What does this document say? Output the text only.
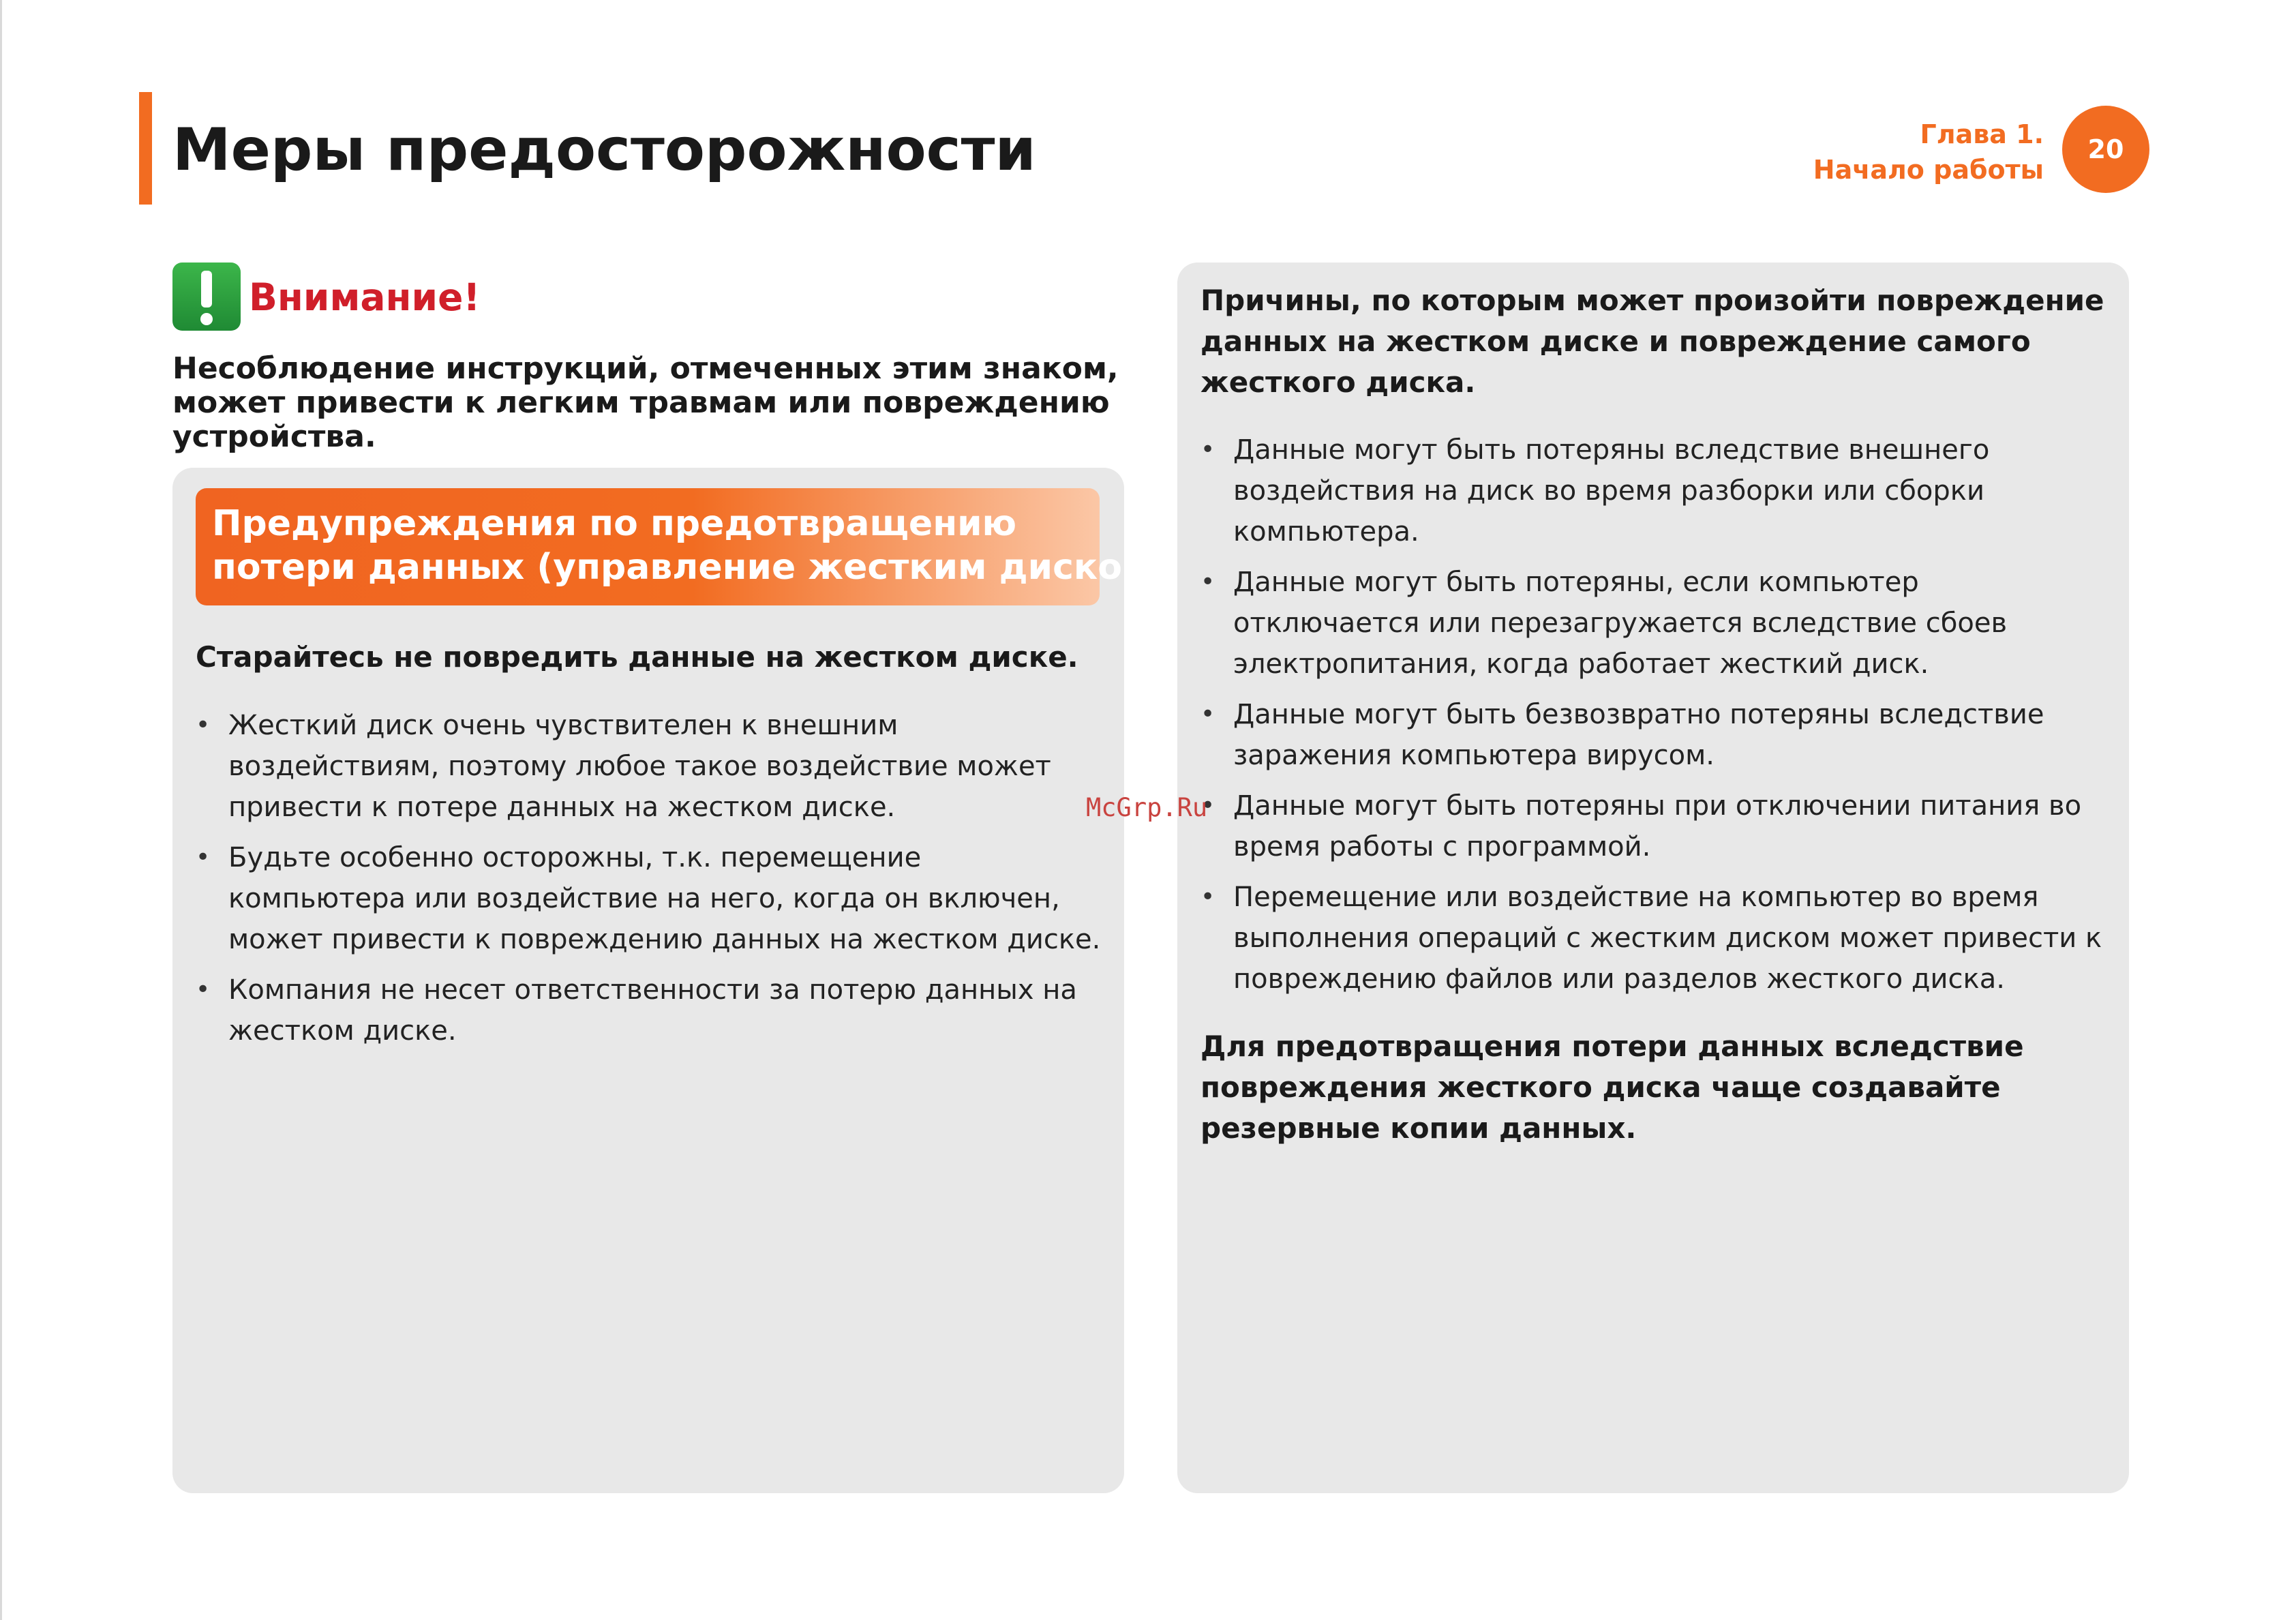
Меры предосторожности	Глава 1.
Начало работы
20
Внимание!
Несоблюдение инструкций, отмеченных этим знаком, может привести к легким травмам или повреждению устройства.
Предупреждения по предотвращению
потери данных (управление жестким диском)
Старайтесь не повредить данные на жестком диске.
• Жесткий диск очень чувствителен к внешним воздействиям, поэтому любое такое воздействие может привести к потере данных на жестком диске.
• Будьте особенно осторожны, т.к. перемещение компьютера или воздействие на него, когда он включен, может привести к повреждению данных на жестком диске.
• Компания не несет ответственности за потерю данных на жестком диске.
Причины, по которым может произойти повреждение данных на жестком диске и повреждение самого жесткого диска.
• Данные могут быть потеряны вследствие внешнего воздействия на диск во время разборки или сборки компьютера.
• Данные могут быть потеряны, если компьютер отключается или перезагружается вследствие сбоев электропитания, когда работает жесткий диск.
• Данные могут быть безвозвратно потеряны вследствие заражения компьютера вирусом.
• Данные могут быть потеряны при отключении питания во время работы с программой.
• Перемещение или воздействие на компьютер во время выполнения операций с жестким диском может привести к повреждению файлов или разделов жесткого диска.
Для предотвращения потери данных вследствие повреждения жесткого диска чаще создавайте резервные копии данных.
McGrp.Ru
